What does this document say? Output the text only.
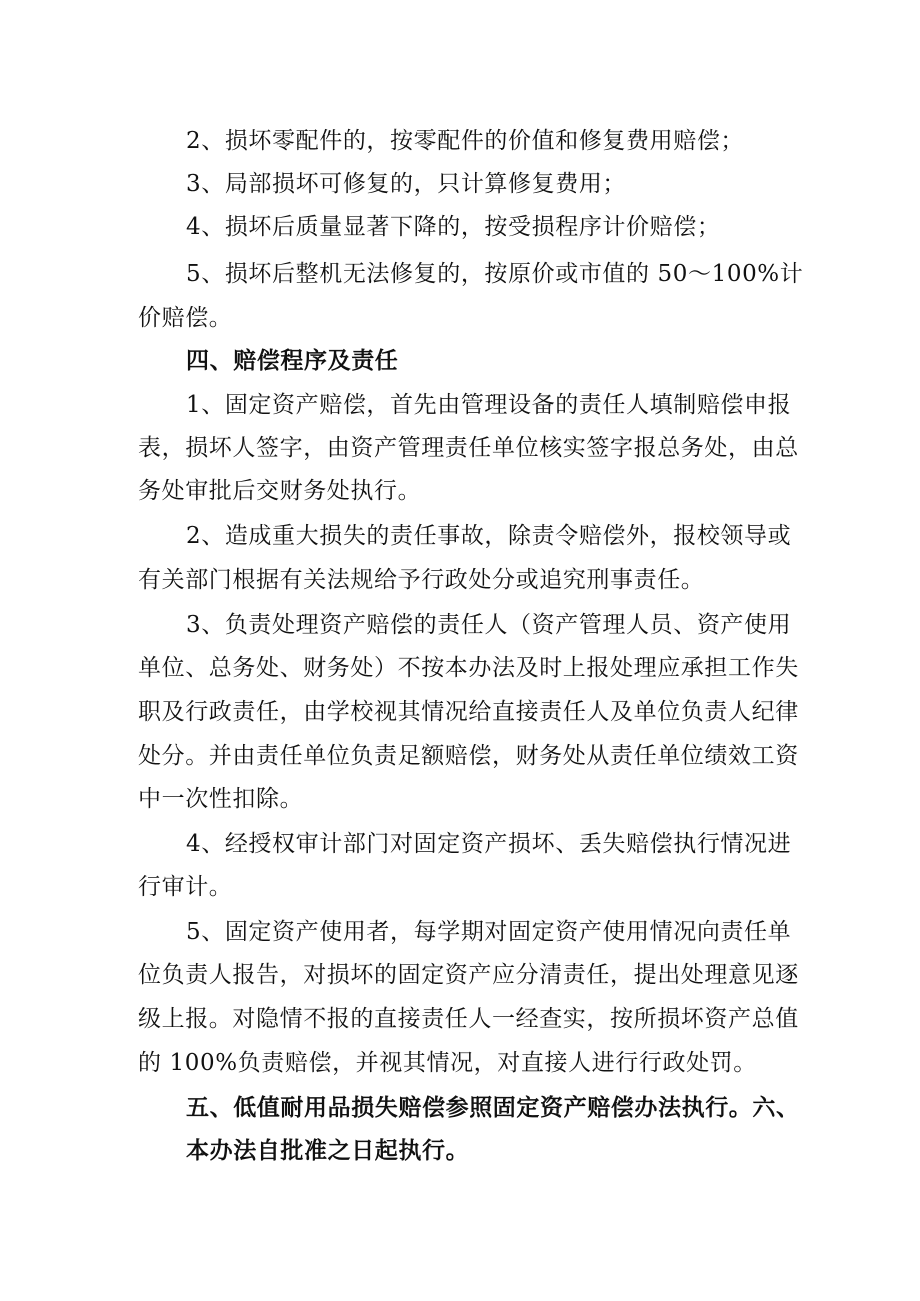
2、损坏零配件的，按零配件的价值和修复费用赔偿；
3、局部损坏可修复的，只计算修复费用；
4、损坏后质量显著下降的，按受损程序计价赔偿；
5、损坏后整机无法修复的，按原价或市值的 50～100%计
价赔偿。
四、赔偿程序及责任
1、固定资产赔偿，首先由管理设备的责任人填制赔偿申报
表，损坏人签字，由资产管理责任单位核实签字报总务处，由总
务处审批后交财务处执行。
2、造成重大损失的责任事故，除责令赔偿外，报校领导或
有关部门根据有关法规给予行政处分或追究刑事责任。
3、负责处理资产赔偿的责任人（资产管理人员、资产使用
单位、总务处、财务处）不按本办法及时上报处理应承担工作失
职及行政责任，由学校视其情况给直接责任人及单位负责人纪律
处分。并由责任单位负责足额赔偿，财务处从责任单位绩效工资
中一次性扣除。
4、经授权审计部门对固定资产损坏、丢失赔偿执行情况进
行审计。
5、固定资产使用者，每学期对固定资产使用情况向责任单
位负责人报告，对损坏的固定资产应分清责任，提出处理意见逐
级上报。对隐情不报的直接责任人一经查实，按所损坏资产总值
的 100%负责赔偿，并视其情况，对直接人进行行政处罚。
五、低值耐用品损失赔偿参照固定资产赔偿办法执行。六、
本办法自批准之日起执行。
